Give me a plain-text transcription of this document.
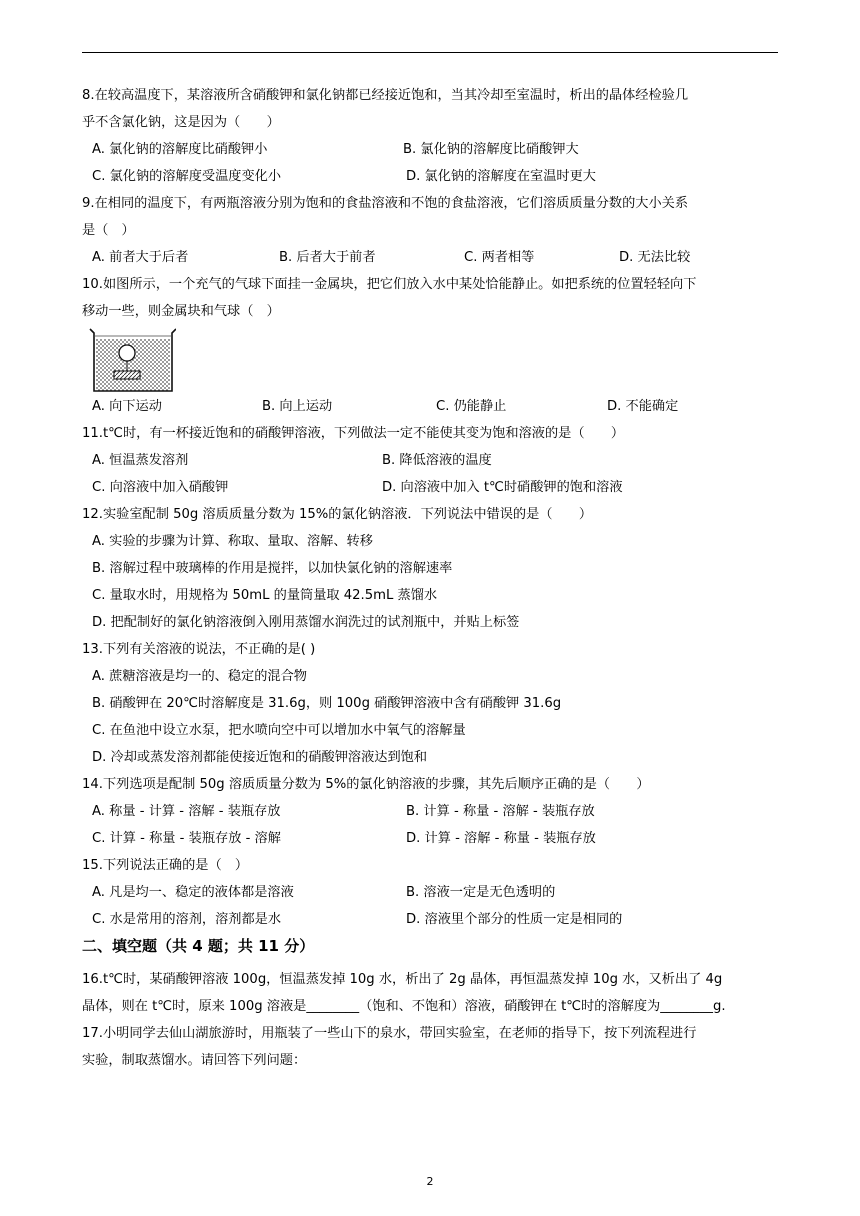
8.在较高温度下，某溶液所含硝酸钾和氯化钠都已经接近饱和，当其冷却至室温时，析出的晶体经检验几
乎不含氯化钠，这是因为（　　）
A. 氯化钠的溶解度比硝酸钾小	B. 氯化钠的溶解度比硝酸钾大
C. 氯化钠的溶解度受温度变化小	D. 氯化钠的溶解度在室温时更大
9.在相同的温度下，有两瓶溶液分别为饱和的食盐溶液和不饱的食盐溶液，它们溶质质量分数的大小关系
是（　）
A. 前者大于后者	B. 后者大于前者	C. 两者相等	D. 无法比较
10.如图所示，一个充气的气球下面挂一金属块，把它们放入水中某处恰能静止。如把系统的位置轻轻向下
移动一些，则金属块和气球（　）
A. 向下运动	B. 向上运动	C. 仍能静止	D. 不能确定
11.t℃时，有一杯接近饱和的硝酸钾溶液，下列做法一定不能使其变为饱和溶液的是（　　）
A. 恒温蒸发溶剂	B. 降低溶液的温度
C. 向溶液中加入硝酸钾	D. 向溶液中加入 t℃时硝酸钾的饱和溶液
12.实验室配制 50g 溶质质量分数为 15%的氯化钠溶液．下列说法中错误的是（　　）
A. 实验的步骤为计算、称取、量取、溶解、转移
B. 溶解过程中玻璃棒的作用是搅拌，以加快氯化钠的溶解速率
C. 量取水时，用规格为 50mL 的量筒量取 42.5mL 蒸馏水
D. 把配制好的氯化钠溶液倒入刚用蒸馏水润洗过的试剂瓶中，并贴上标签
13.下列有关溶液的说法，不正确的是( )
A. 蔗糖溶液是均一的、稳定的混合物
B. 硝酸钾在 20℃时溶解度是 31.6g，则 100g 硝酸钾溶液中含有硝酸钾 31.6g
C. 在鱼池中设立水泵，把水喷向空中可以增加水中氧气的溶解量
D. 冷却或蒸发溶剂都能使接近饱和的硝酸钾溶液达到饱和
14.下列选项是配制 50g 溶质质量分数为 5%的氯化钠溶液的步骤，其先后顺序正确的是（　　）
A. 称量 - 计算 - 溶解 - 装瓶存放	B. 计算 - 称量 - 溶解 - 装瓶存放
C. 计算 - 称量 - 装瓶存放 - 溶解	D. 计算 - 溶解 - 称量 - 装瓶存放
15.下列说法正确的是（　）
A. 凡是均一、稳定的液体都是溶液	B. 溶液一定是无色透明的
C. 水是常用的溶剂，溶剂都是水	D. 溶液里个部分的性质一定是相同的
二、填空题（共 4 题；共 11 分）
16.t℃时，某硝酸钾溶液 100g，恒温蒸发掉 10g 水，析出了 2g 晶体，再恒温蒸发掉 10g 水，又析出了 4g
晶体，则在 t℃时，原来 100g 溶液是________（饱和、不饱和）溶液，硝酸钾在 t℃时的溶解度为________g.
17.小明同学去仙山湖旅游时，用瓶装了一些山下的泉水，带回实验室，在老师的指导下，按下列流程进行
实验，制取蒸馏水。请回答下列问题：
2
